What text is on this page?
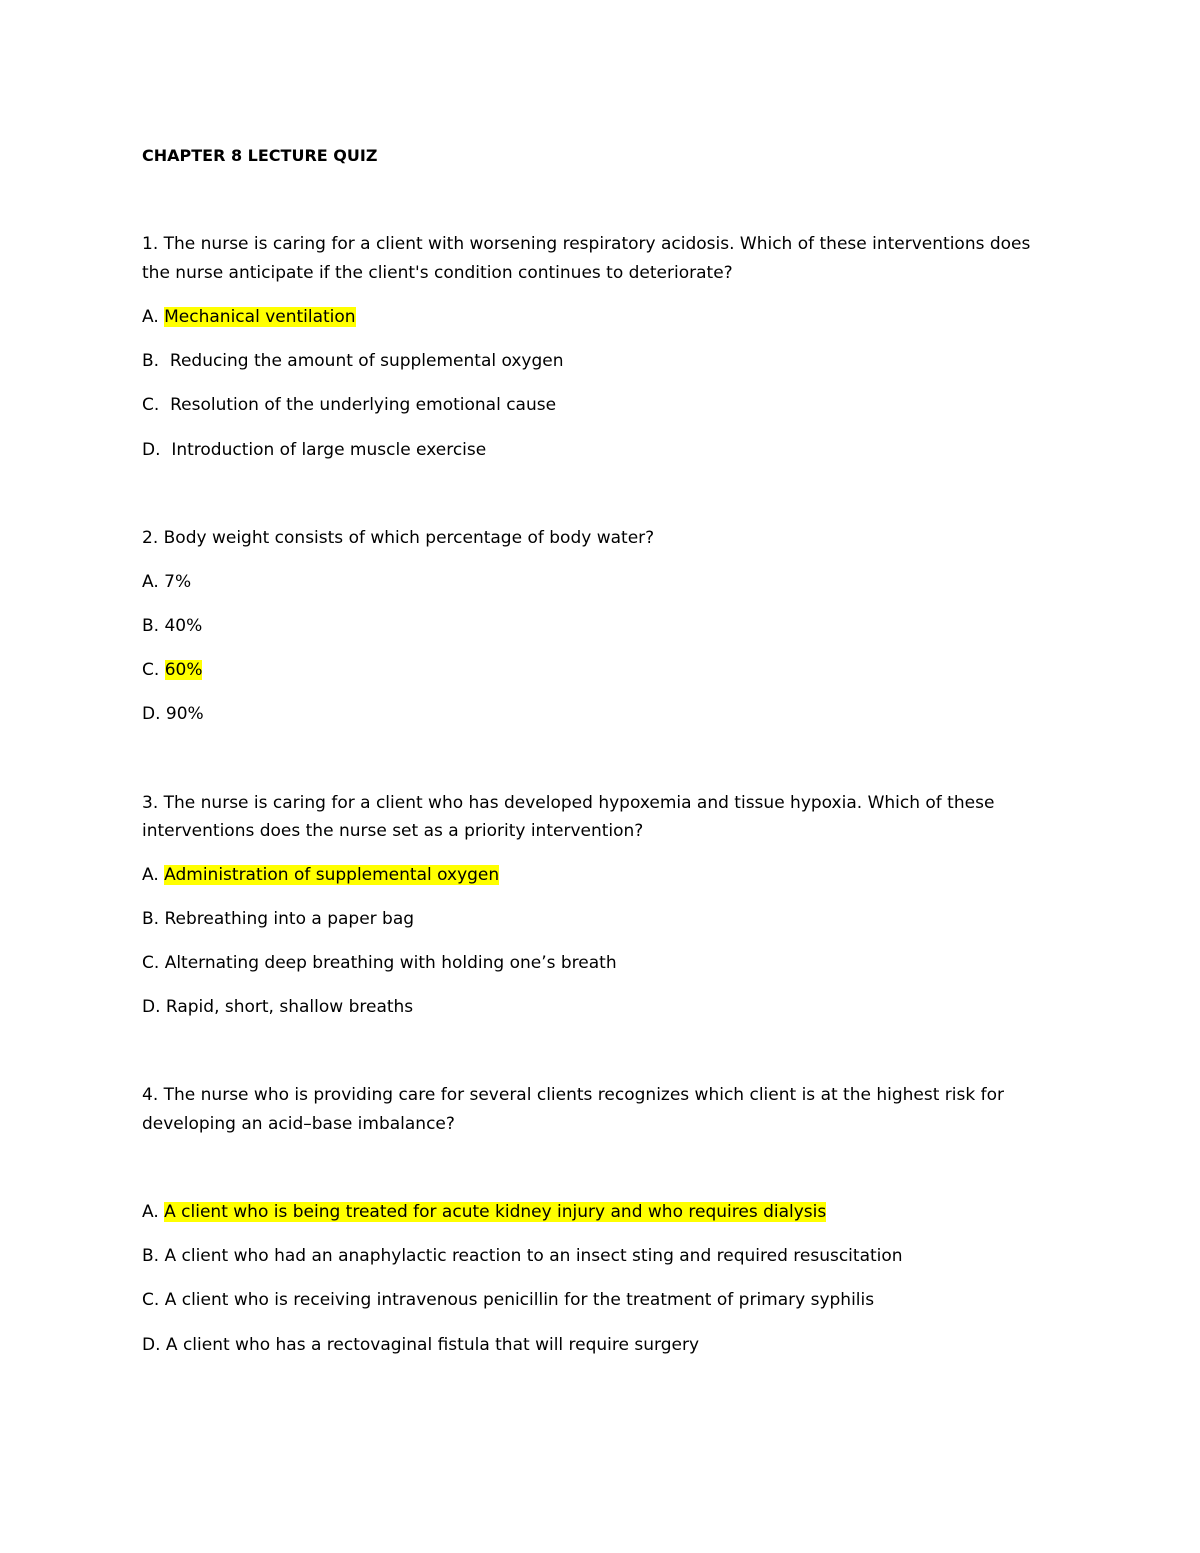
CHAPTER 8 LECTURE QUIZ
1. The nurse is caring for a client with worsening respiratory acidosis. Which of these interventions does
the nurse anticipate if the client's condition continues to deteriorate?
A. Mechanical ventilation
B. Reducing the amount of supplemental oxygen
C. Resolution of the underlying emotional cause
D. Introduction of large muscle exercise
2. Body weight consists of which percentage of body water?
A. 7%
B. 40%
C. 60%
D. 90%
3. The nurse is caring for a client who has developed hypoxemia and tissue hypoxia. Which of these
interventions does the nurse set as a priority intervention?
A. Administration of supplemental oxygen
B. Rebreathing into a paper bag
C. Alternating deep breathing with holding one’s breath
D. Rapid, short, shallow breaths
4. The nurse who is providing care for several clients recognizes which client is at the highest risk for
developing an acid–base imbalance?
A. A client who is being treated for acute kidney injury and who requires dialysis
B. A client who had an anaphylactic reaction to an insect sting and required resuscitation
C. A client who is receiving intravenous penicillin for the treatment of primary syphilis
D. A client who has a rectovaginal fistula that will require surgery
